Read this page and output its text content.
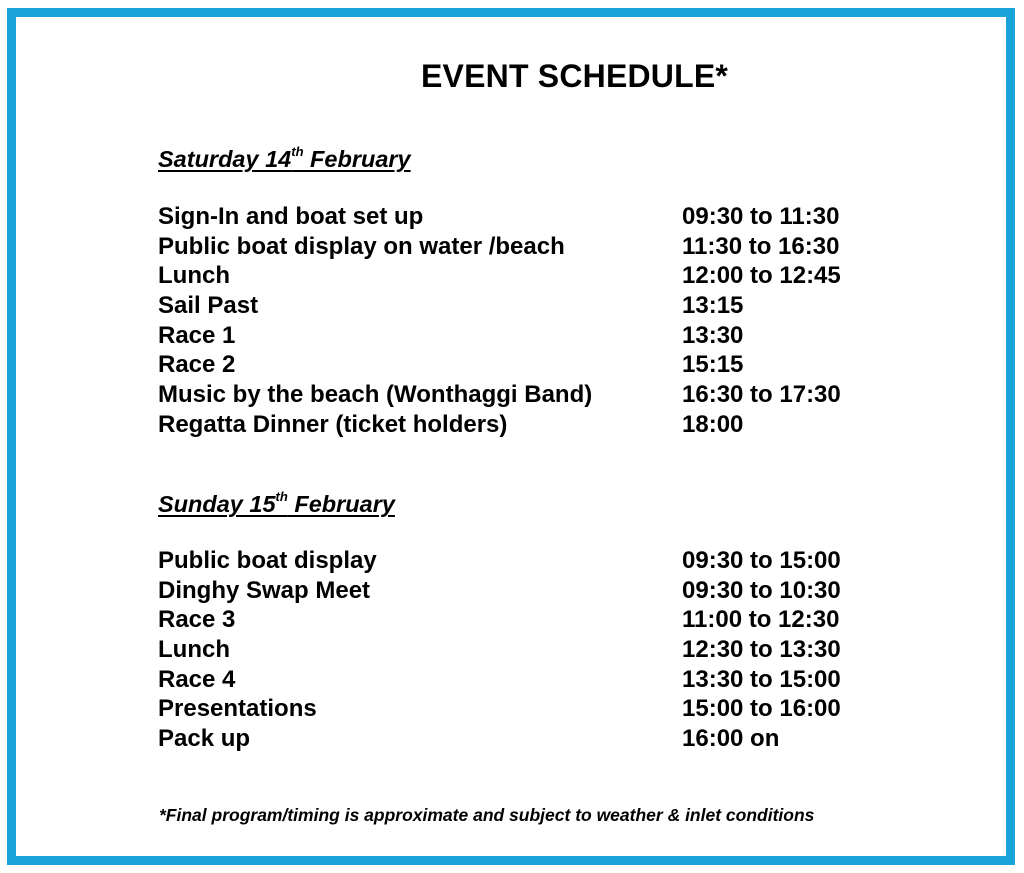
EVENT SCHEDULE*
Saturday 14th February
Sign-In and boat set up	09:30 to 11:30
Public boat display on water /beach	11:30 to 16:30
Lunch	12:00 to 12:45
Sail Past	13:15
Race 1	13:30
Race 2	15:15
Music by the beach (Wonthaggi Band)	16:30 to 17:30
Regatta Dinner (ticket holders)	18:00
Sunday 15th February
Public boat display	09:30 to 15:00
Dinghy Swap Meet	09:30 to 10:30
Race 3	11:00 to 12:30
Lunch	12:30 to 13:30
Race 4	13:30 to 15:00
Presentations	15:00 to 16:00
Pack up	16:00 on
*Final program/timing is approximate and subject to weather & inlet conditions
